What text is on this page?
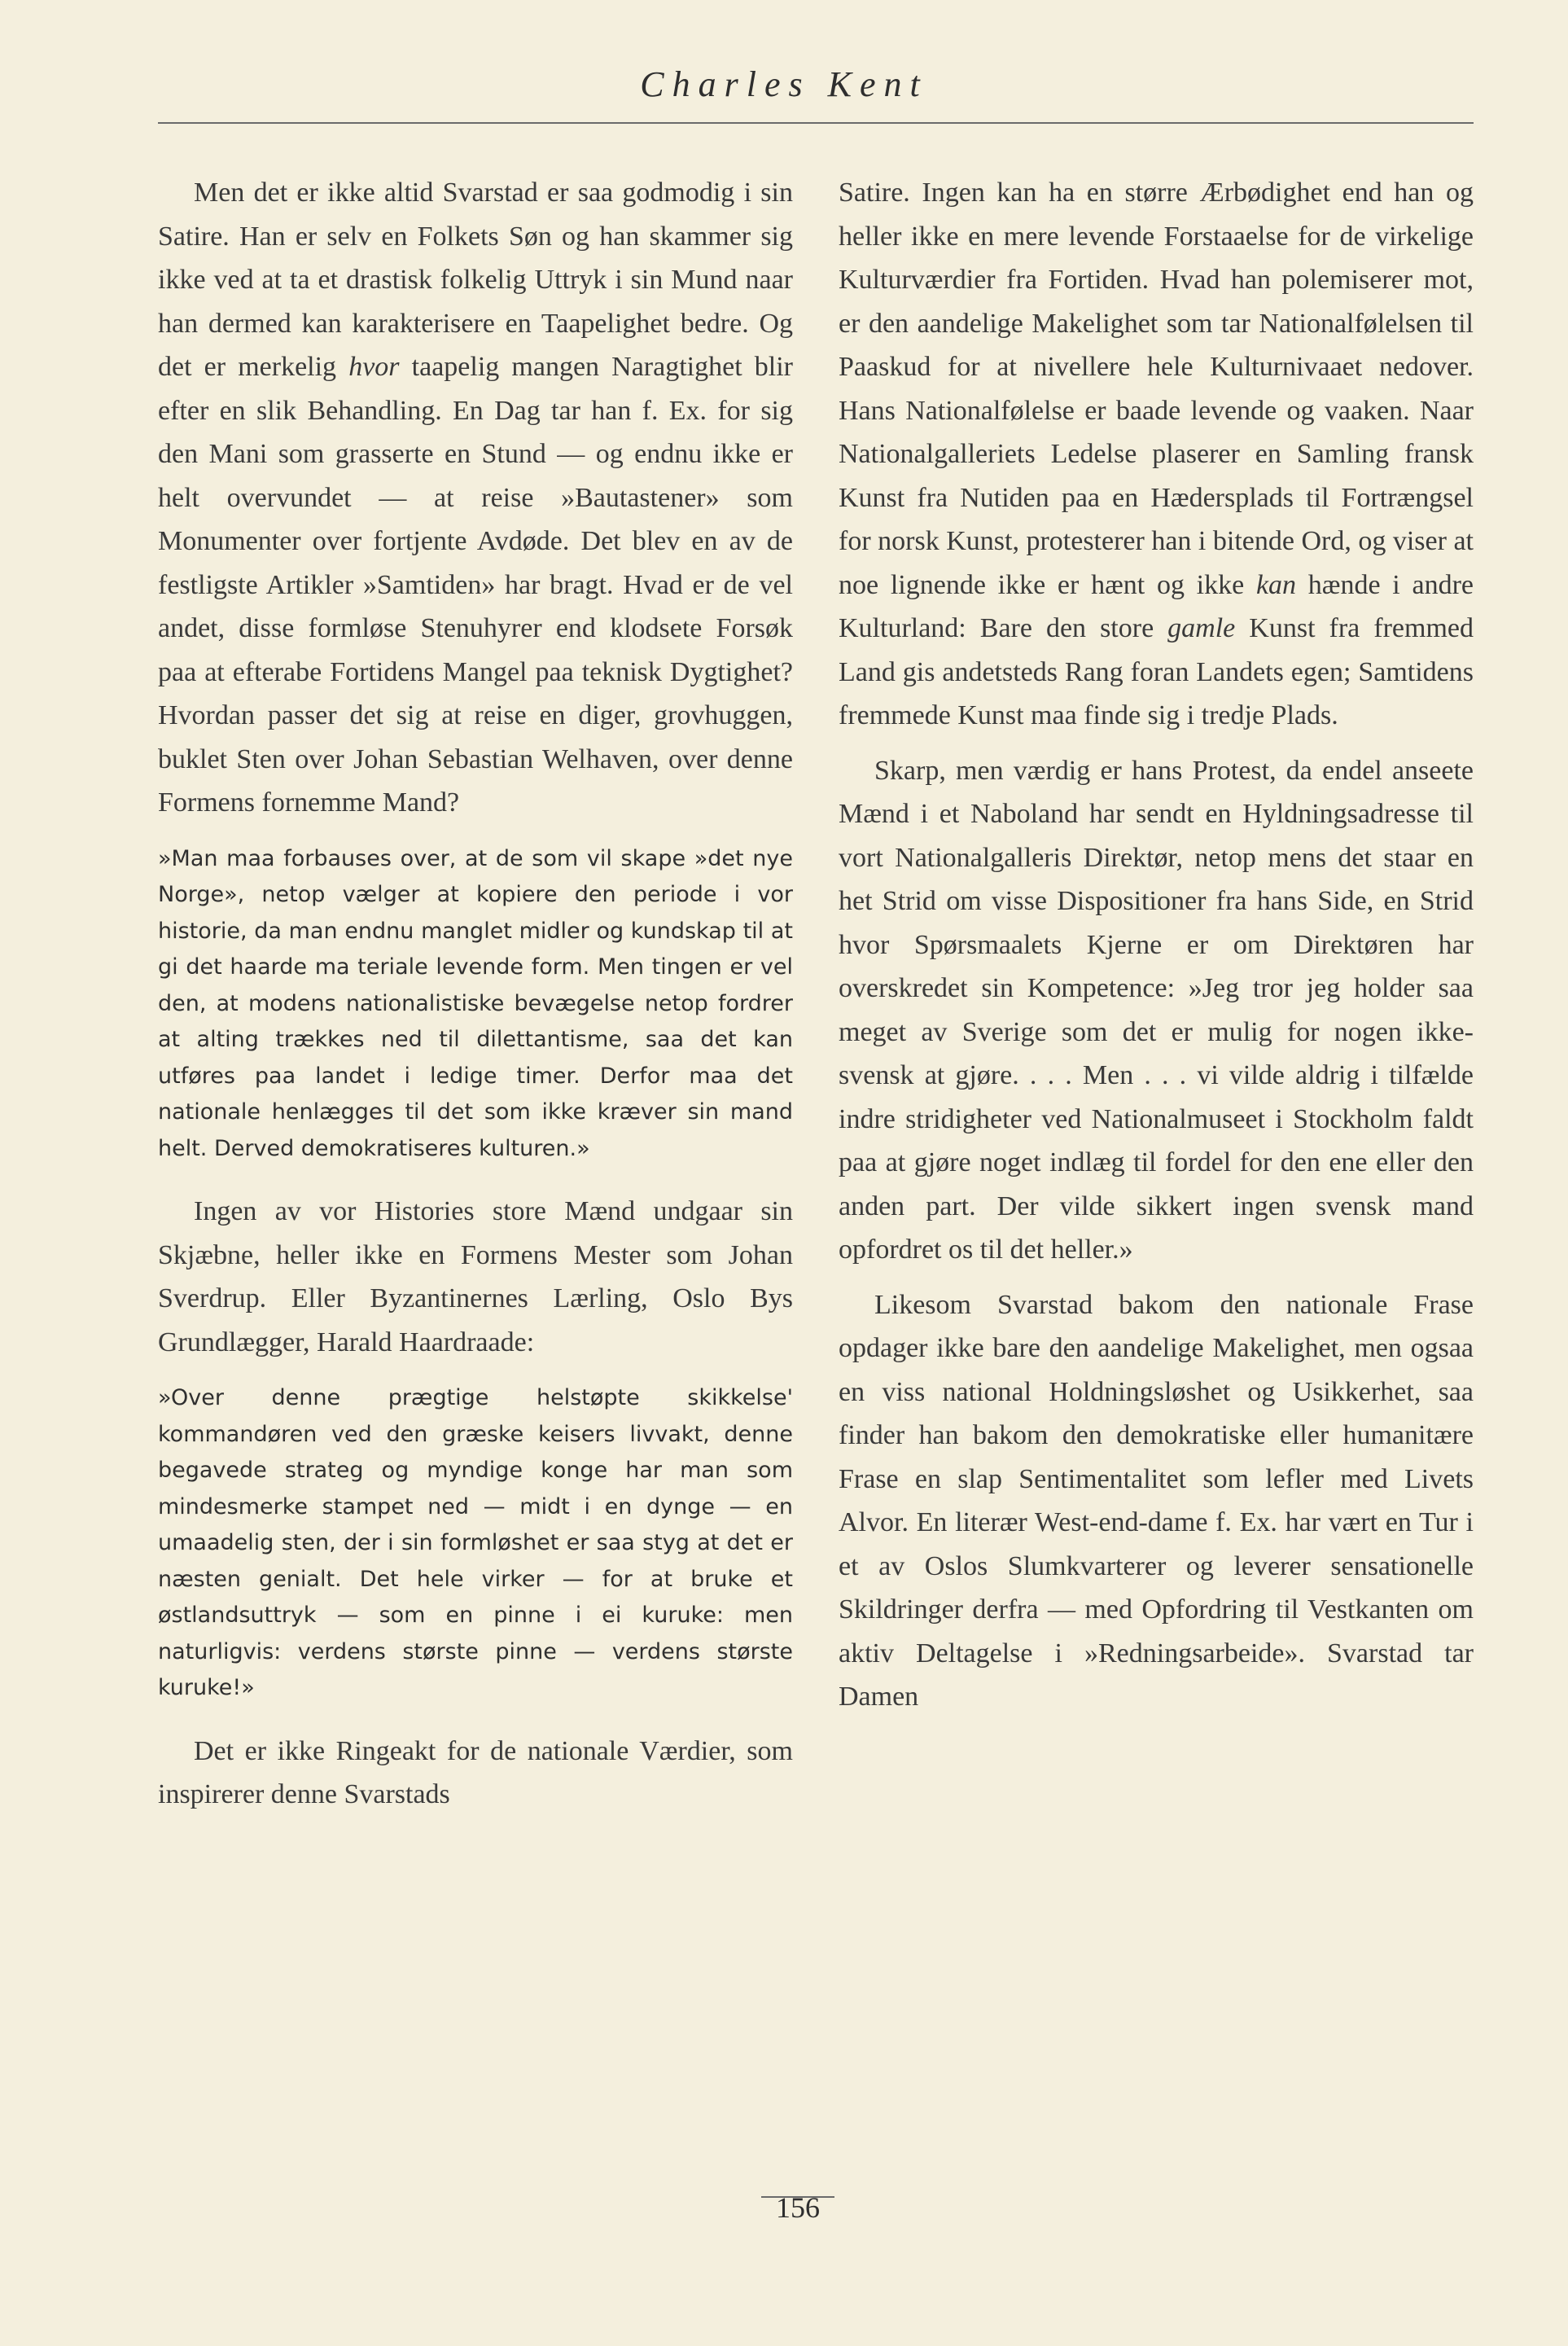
Charles Kent

Men det er ikke altid Svarstad er saa godmodig i sin Satire. Han er selv en Folkets Søn og han skammer sig ikke ved at ta et drastisk folkelig Uttryk i sin Mund naar han dermed kan karakterisere en Taapelighet bedre. Og det er merkelig hvor taapelig mangen Naragtighet blir efter en slik Behandling. En Dag tar han f. Ex. for sig den Mani som grasserte en Stund — og endnu ikke er helt overvundet — at reise »Bautastener» som Monumenter over fortjente Avdøde. Det blev en av de festligste Artikler »Samtiden» har bragt. Hvad er de vel andet, disse formløse Stenuhyrer end klodsete Forsøk paa at efterabe Fortidens Mangel paa teknisk Dygtighet? Hvordan passer det sig at reise en diger, grovhuggen, buklet Sten over Johan Sebastian Welhaven, over denne Formens fornemme Mand?

»Man maa forbauses over, at de som vil skape »det nye Norge», netop vælger at kopiere den periode i vor historie, da man endnu manglet midler og kundskap til at gi det haarde ma teriale levende form. Men tingen er vel den, at modens nationalistiske bevægelse netop fordrer at alting trækkes ned til dilettantisme, saa det kan utføres paa landet i ledige timer. Derfor maa det nationale henlægges til det som ikke kræver sin mand helt. Derved demokratiseres kulturen.»

Ingen av vor Histories store Mænd undgaar sin Skjæbne, heller ikke en Formens Mester som Johan Sverdrup. Eller Byzantinernes Lærling, Oslo Bys Grundlægger, Harald Haardraade:

»Over denne prægtige helstøpte skikkelse' kommandøren ved den græske keisers livvakt, denne begavede strateg og myndige konge har man som mindesmerke stampet ned — midt i en dynge — en umaadelig sten, der i sin formløshet er saa styg at det er næsten genialt. Det hele virker — for at bruke et østlandsuttryk — som en pinne i ei kuruke: men naturligvis: verdens største pinne — verdens største kuruke!»

Det er ikke Ringeakt for de nationale Værdier, som inspirerer denne Svarstads

Satire. Ingen kan ha en større Ærbødighet end han og heller ikke en mere levende Forstaaelse for de virkelige Kulturværdier fra Fortiden. Hvad han polemiserer mot, er den aandelige Makelighet som tar Nationalfølelsen til Paaskud for at nivellere hele Kulturnivaaet nedover. Hans Nationalfølelse er baade levende og vaaken. Naar Nationalgalleriets Ledelse plaserer en Samling fransk Kunst fra Nutiden paa en Hædersplads til Fortrængsel for norsk Kunst, protesterer han i bitende Ord, og viser at noe lignende ikke er hænt og ikke kan hænde i andre Kulturland: Bare den store gamle Kunst fra fremmed Land gis andetsteds Rang foran Landets egen; Samtidens fremmede Kunst maa finde sig i tredje Plads.

Skarp, men værdig er hans Protest, da endel anseete Mænd i et Naboland har sendt en Hyldningsadresse til vort Nationalgalleris Direktør, netop mens det staar en het Strid om visse Dispositioner fra hans Side, en Strid hvor Spørsmaalets Kjerne er om Direktøren har overskredet sin Kompetence: »Jeg tror jeg holder saa meget av Sverige som det er mulig for nogen ikke-svensk at gjøre. . . . Men . . . vi vilde aldrig i tilfælde indre stridigheter ved Nationalmuseet i Stockholm faldt paa at gjøre noget indlæg til fordel for den ene eller den anden part. Der vilde sikkert ingen svensk mand opfordret os til det heller.»

Likesom Svarstad bakom den nationale Frase opdager ikke bare den aandelige Makelighet, men ogsaa en viss national Holdningsløshet og Usikkerhet, saa finder han bakom den demokratiske eller humanitære Frase en slap Sentimentalitet som lefler med Livets Alvor. En literær West-end-dame f. Ex. har vært en Tur i et av Oslos Slumkvarterer og leverer sensationelle Skildringer derfra — med Opfordring til Vestkanten om aktiv Deltagelse i »Redningsarbeide». Svarstad tar Damen

156
